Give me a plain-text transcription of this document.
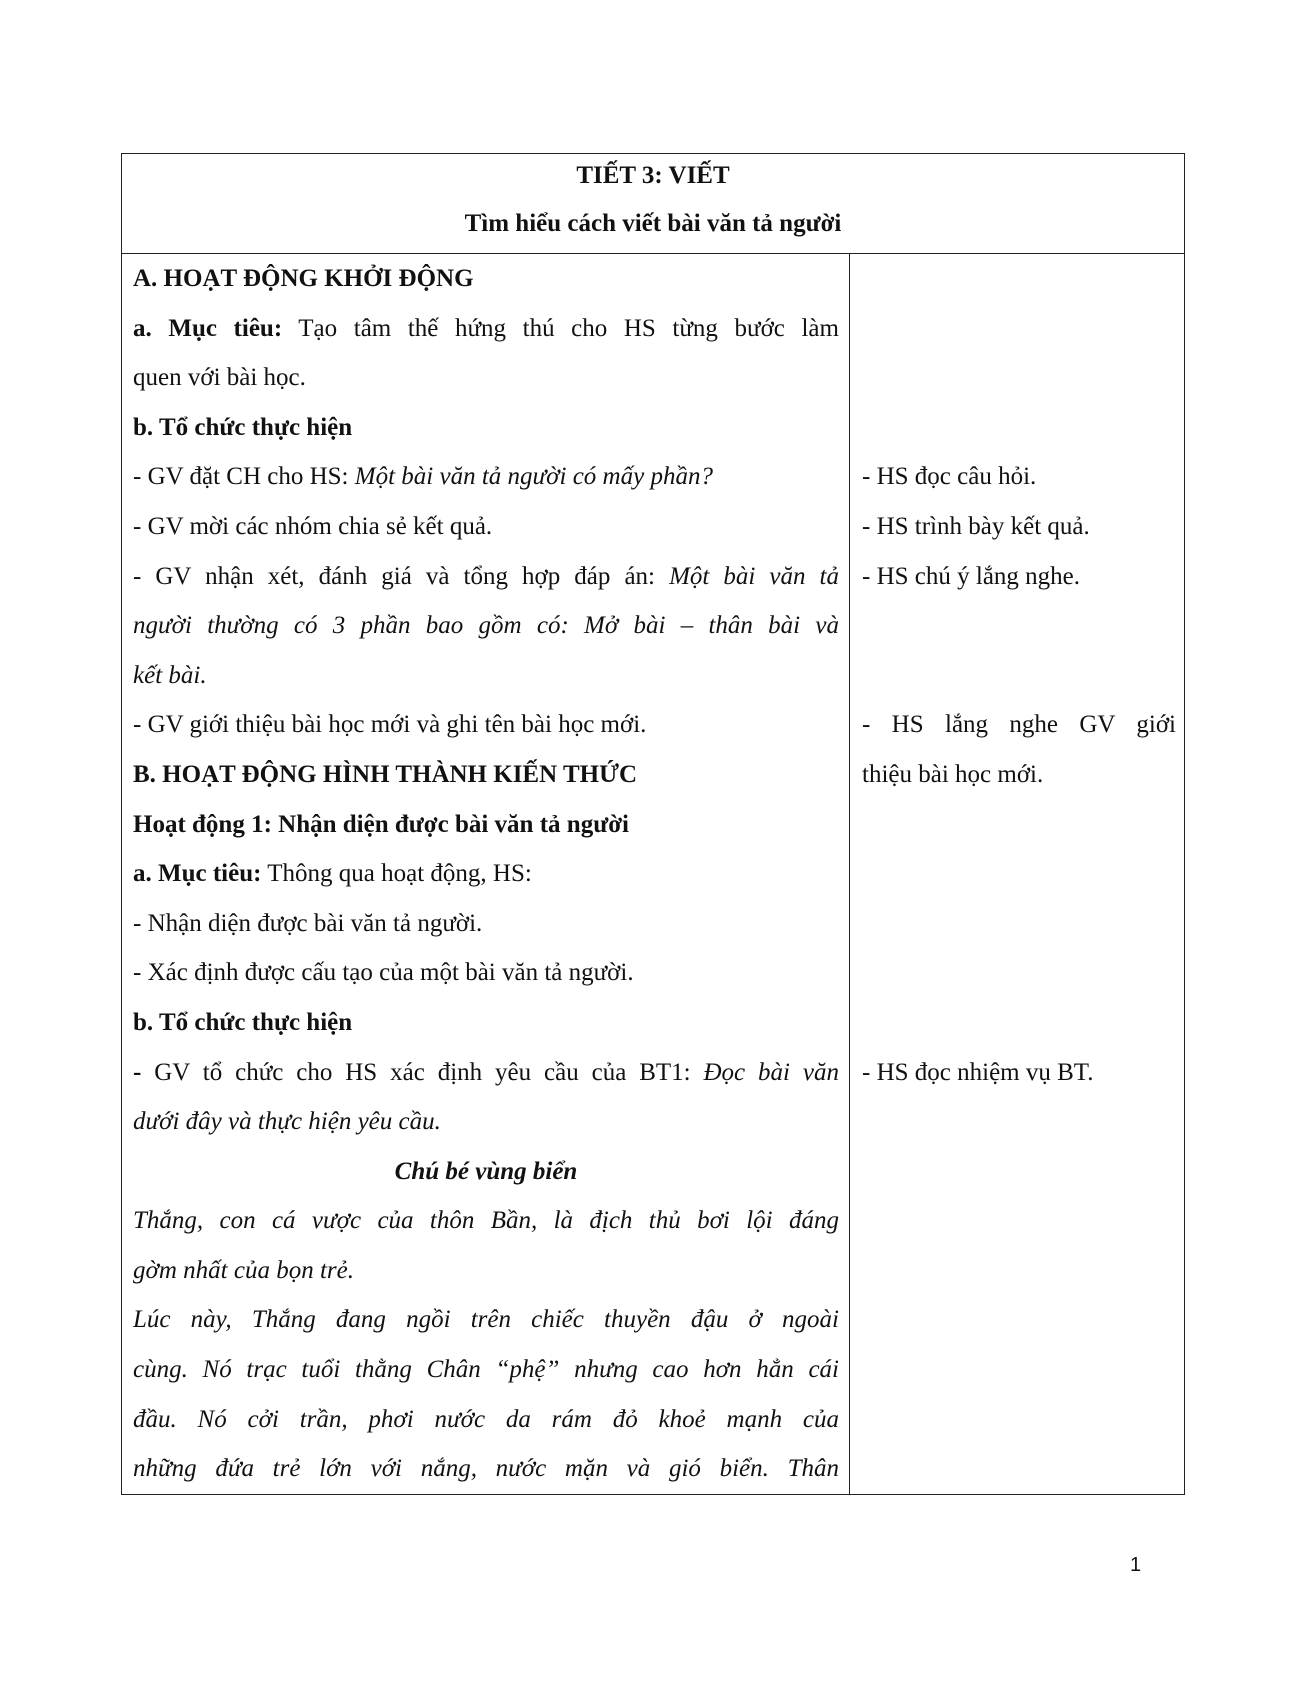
TIẾT 3: VIẾT
Tìm hiểu cách viết bài văn tả người
A. HOẠT ĐỘNG KHỞI ĐỘNG
a. Mục tiêu: Tạo tâm thế hứng thú cho HS từng bước làm
quen với bài học.
b. Tổ chức thực hiện
- GV đặt CH cho HS: Một bài văn tả người có mấy phần?
- GV mời các nhóm chia sẻ kết quả.
- GV nhận xét, đánh giá và tổng hợp đáp án: Một bài văn tả
người thường có 3 phần bao gồm có: Mở bài – thân bài và
kết bài.
- GV giới thiệu bài học mới và ghi tên bài học mới.
B. HOẠT ĐỘNG HÌNH THÀNH KIẾN THỨC
Hoạt động 1: Nhận diện được bài văn tả người
a. Mục tiêu: Thông qua hoạt động, HS:
- Nhận diện được bài văn tả người.
- Xác định được cấu tạo của một bài văn tả người.
b. Tổ chức thực hiện
- GV tổ chức cho HS xác định yêu cầu của BT1: Đọc bài văn
dưới đây và thực hiện yêu cầu.
Chú bé vùng biển
Thắng, con cá vược của thôn Bần, là địch thủ bơi lội đáng
gờm nhất của bọn trẻ.
Lúc này, Thắng đang ngồi trên chiếc thuyền đậu ở ngoài
cùng. Nó trạc tuổi thằng Chân “phệ” nhưng cao hơn hẳn cái
đầu. Nó cởi trần, phơi nước da rám đỏ khoẻ mạnh của
những đứa trẻ lớn với nắng, nước mặn và gió biển. Thân
- HS đọc câu hỏi.
- HS trình bày kết quả.
- HS chú ý lắng nghe.
- HS lắng nghe GV giới
thiệu bài học mới.
- HS đọc nhiệm vụ BT.
1
